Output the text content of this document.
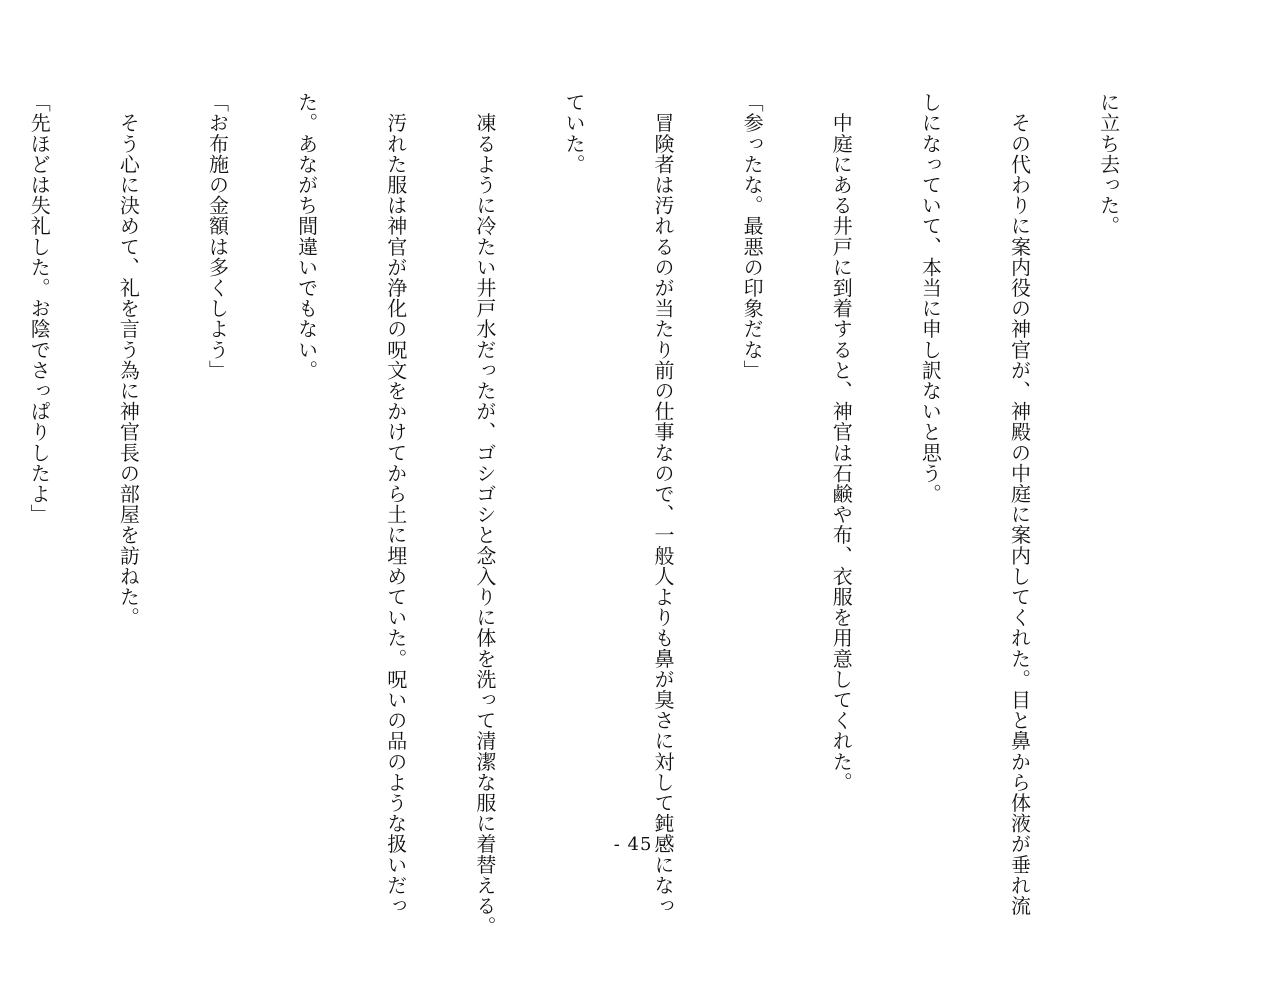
に立ち去った。

　その代わりに案内役の神官が、神殿の中庭に案内してくれた。目と鼻から体液が垂れ流

しになっていて、本当に申し訳ないと思う。

　中庭にある井戸に到着すると、神官は石鹸や布、衣服を用意してくれた。

「参ったな。最悪の印象だな」

　冒険者は汚れるのが当たり前の仕事なので、一般人よりも鼻が臭さに対して鈍感になっ

ていた。

　凍るように冷たい井戸水だったが、ゴシゴシと念入りに体を洗って清潔な服に着替える。

　汚れた服は神官が浄化の呪文をかけてから土に埋めていた。呪いの品のような扱いだっ

た。あながち間違いでもない。

「お布施の金額は多くしよう」

　そう心に決めて、礼を言う為に神官長の部屋を訪ねた。

「先ほどは失礼した。お陰でさっぱりしたよ」

- 45 -
